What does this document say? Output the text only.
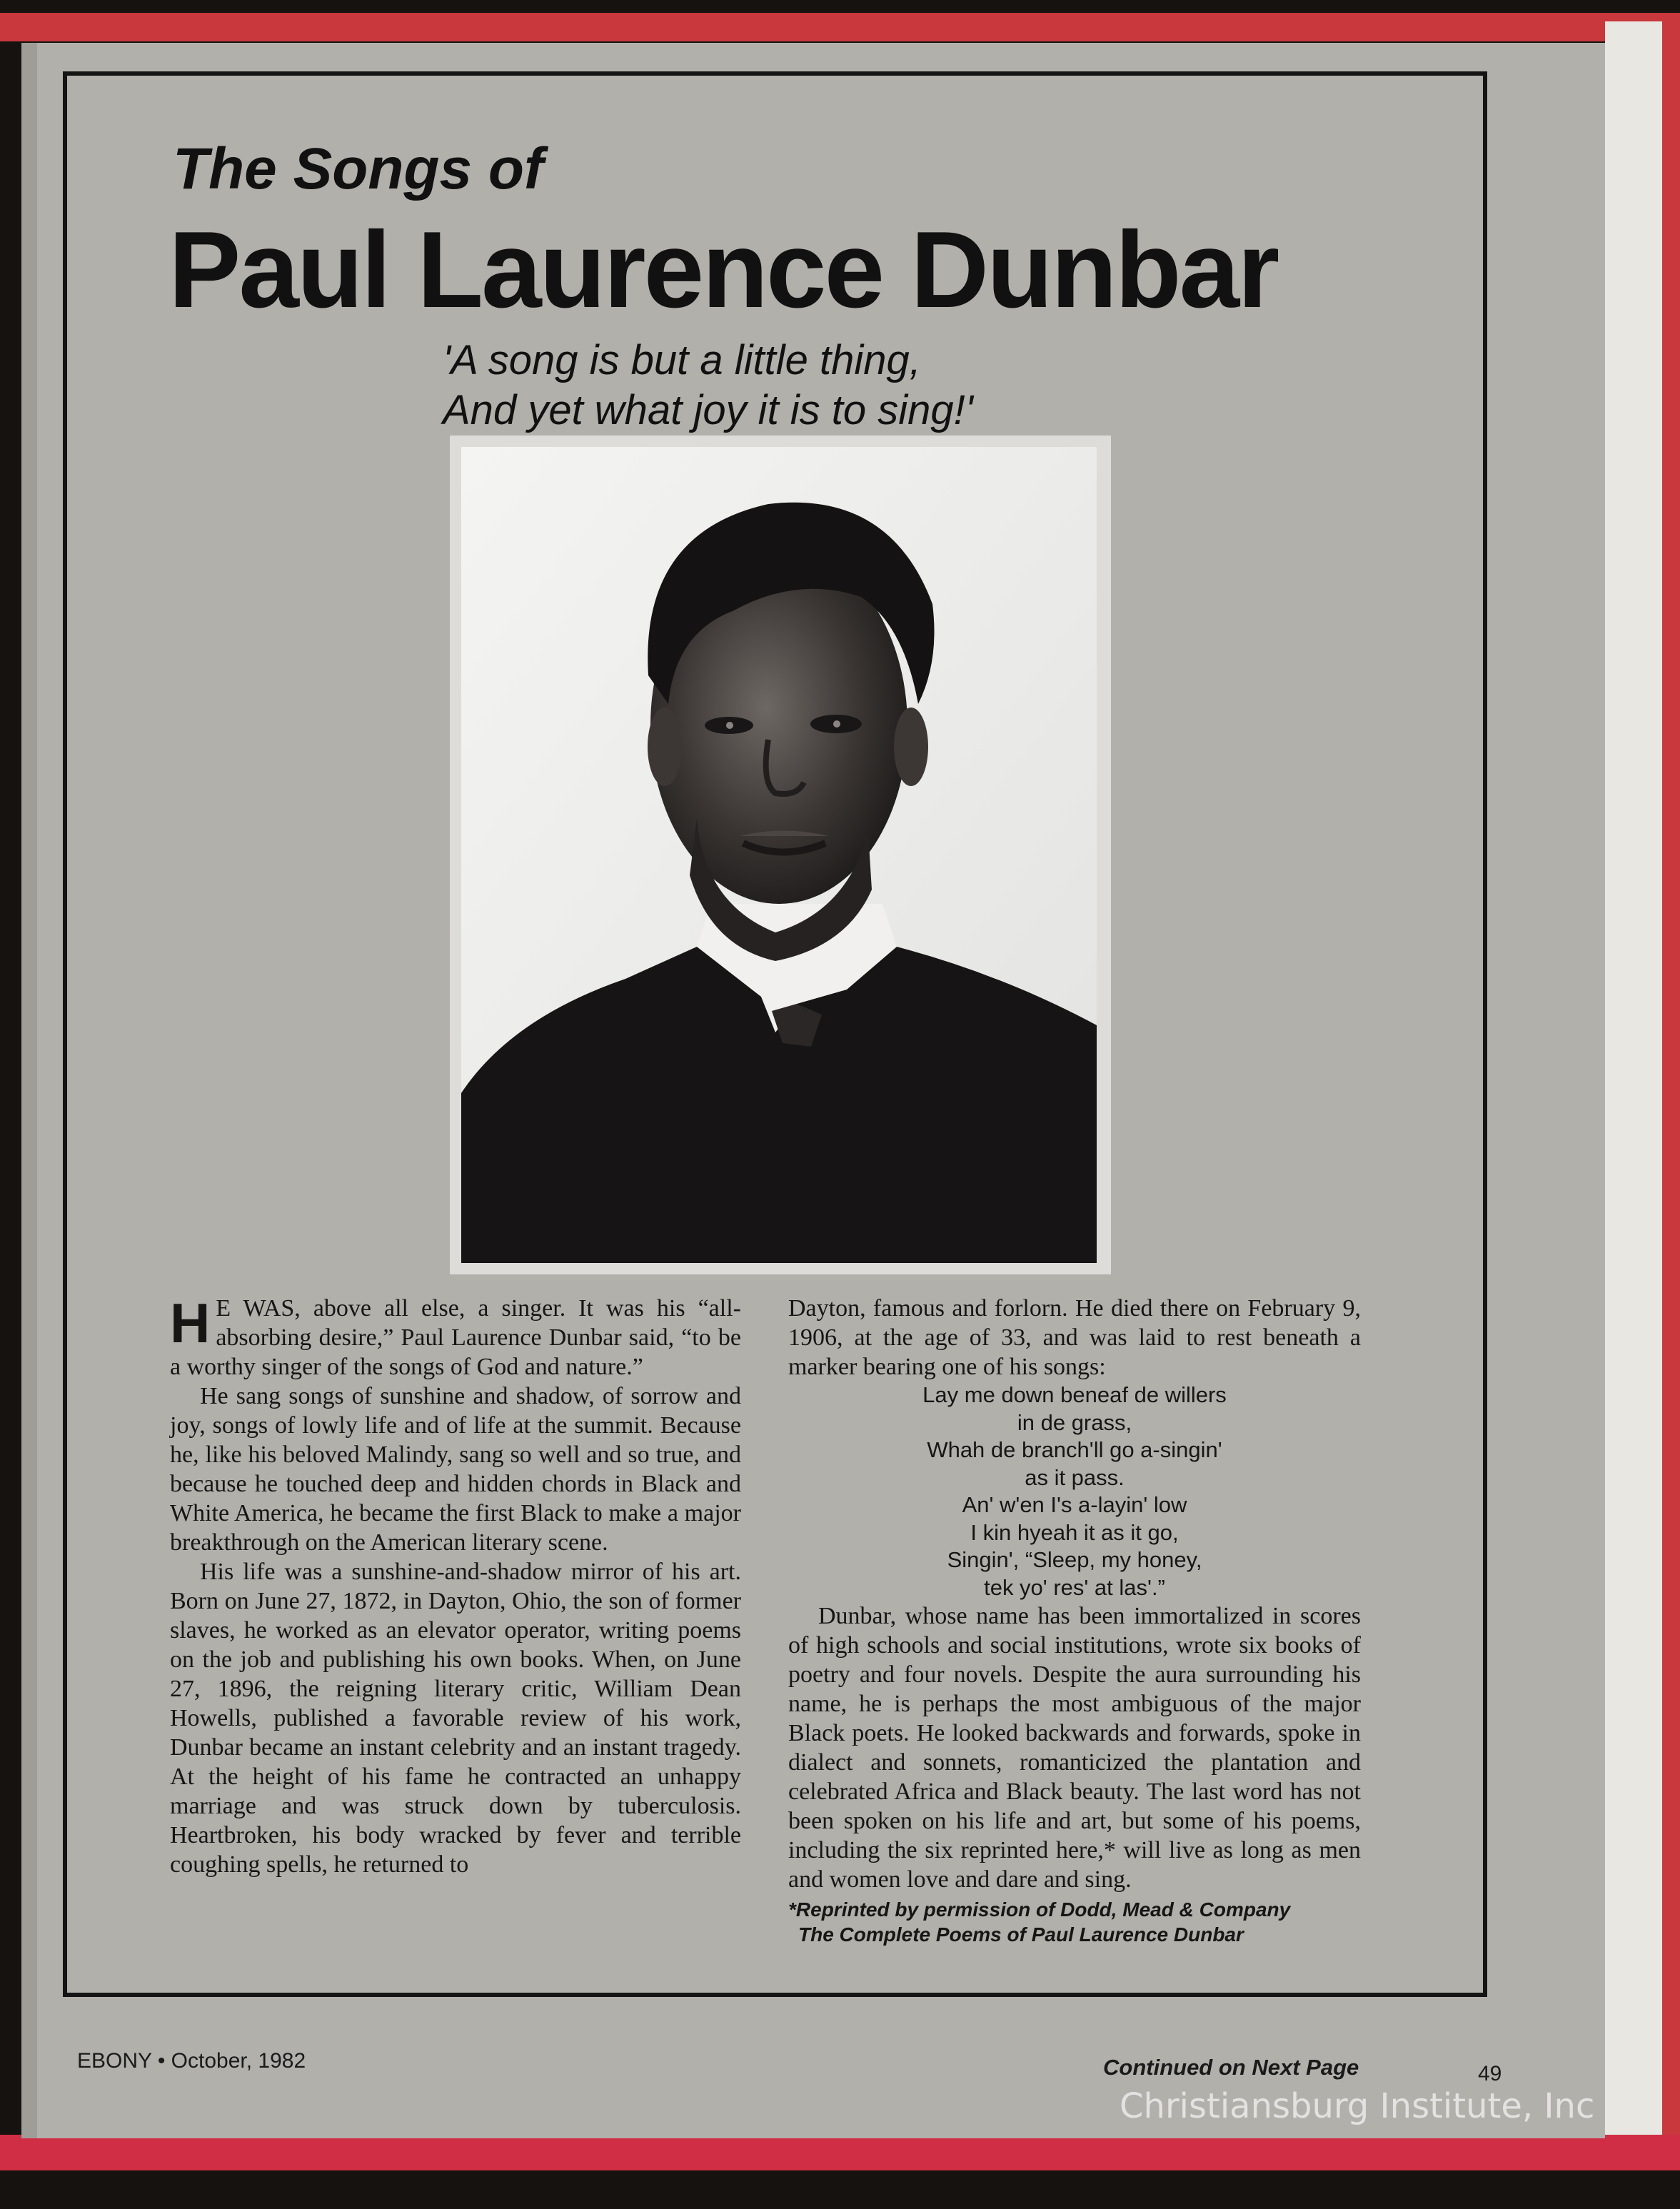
The Songs of
Paul Laurence Dunbar

'A song is but a little thing,
And yet what joy it is to sing!'

H E WAS, above all else, a singer. It was his “all-absorbing desire,” Paul Laurence Dunbar said, “to be a worthy singer of the songs of God and nature.”

He sang songs of sunshine and shadow, of sorrow and joy, songs of lowly life and of life at the summit. Because he, like his beloved Malindy, sang so well and so true, and because he touched deep and hidden chords in Black and White America, he became the first Black to make a major breakthrough on the American literary scene.

His life was a sunshine-and-shadow mirror of his art. Born on June 27, 1872, in Dayton, Ohio, the son of former slaves, he worked as an elevator operator, writing poems on the job and publishing his own books. When, on June 27, 1896, the reigning literary critic, William Dean Howells, published a favorable review of his work, Dunbar became an instant celebrity and an instant tragedy. At the height of his fame he contracted an unhappy marriage and was struck down by tuberculosis. Heartbroken, his body wracked by fever and terrible coughing spells, he returned to

Dayton, famous and forlorn. He died there on February 9, 1906, at the age of 33, and was laid to rest beneath a marker bearing one of his songs:

Lay me down beneaf de willers
in de grass,
Whah de branch'll go a-singin'
as it pass.
An' w'en I's a-layin' low
I kin hyeah it as it go,
Singin', “Sleep, my honey,
tek yo' res' at las'.”

Dunbar, whose name has been immortalized in scores of high schools and social institutions, wrote six books of poetry and four novels. Despite the aura surrounding his name, he is perhaps the most ambiguous of the major Black poets. He looked backwards and forwards, spoke in dialect and sonnets, romanticized the plantation and celebrated Africa and Black beauty. The last word has not been spoken on his life and art, but some of his poems, including the six reprinted here,* will live as long as men and women love and dare and sing.

*Reprinted by permission of Dodd, Mead & Company
The Complete Poems of Paul Laurence Dunbar
EBONY • October, 1982	Continued on Next Page	49
Christiansburg Institute, Inc
